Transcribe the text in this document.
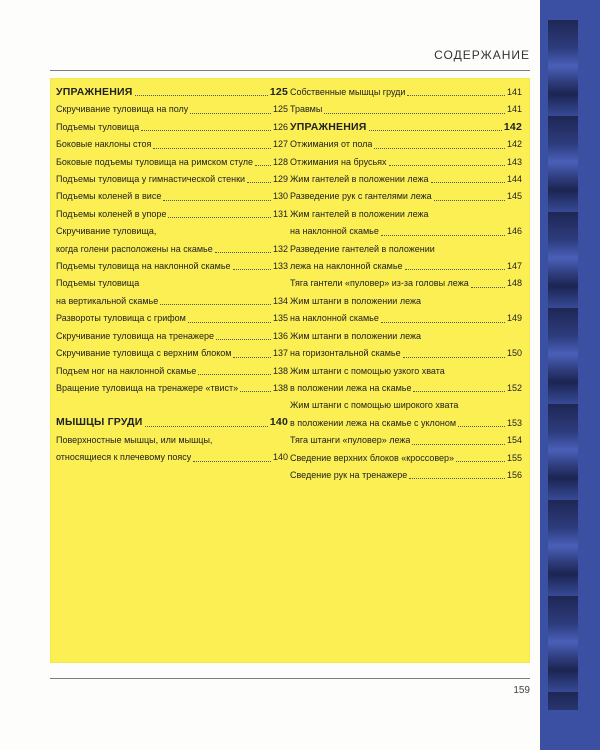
СОДЕРЖАНИЕ
УПРАЖНЕНИЯ	125
Скручивание туловища на полу	125
Подъемы туловища	126
Боковые наклоны стоя	127
Боковые подъемы туловища на римском стуле 128
Подъемы туловища у гимнастической стенки	129
Подъемы коленей в висе	130
Подъемы коленей в упоре	131
Скручивание туловища,
когда голени расположены на скамье	132
Подъемы туловища на наклонной скамье	133
Подъемы туловища
на вертикальной скамье	134
Развороты туловища с грифом	135
Скручивание туловища на тренажере	136
Скручивание туловища с верхним блоком	137
Подъем ног на наклонной скамье	138
Вращение туловища на тренажере «твист»	138
МЫШЦЫ ГРУДИ	140
Поверхностные мышцы, или мышцы,
относящиеся к плечевому поясу	140
Собственные мышцы груди	141
Травмы	141
УПРАЖНЕНИЯ	142
Отжимания от пола	142
Отжимания на брусьях	143
Жим гантелей в положении лежа	144
Разведение рук с гантелями лежа	145
Жим гантелей в положении лежа
на наклонной скамье	146
Разведение гантелей в положении
лежа на наклонной скамье	147
Тяга гантели «пуловер» из-за головы лежа	148
Жим штанги в положении лежа
на наклонной скамье	149
Жим штанги в положении лежа
на горизонтальной скамье	150
Жим штанги с помощью узкого хвата
в положении лежа на скамье	152
Жим штанги с помощью широкого хвата
в положении лежа на скамье с уклоном	153
Тяга штанги «пуловер» лежа	154
Сведение верхних блоков «кроссовер»	155
Сведение рук на тренажере	156
159
